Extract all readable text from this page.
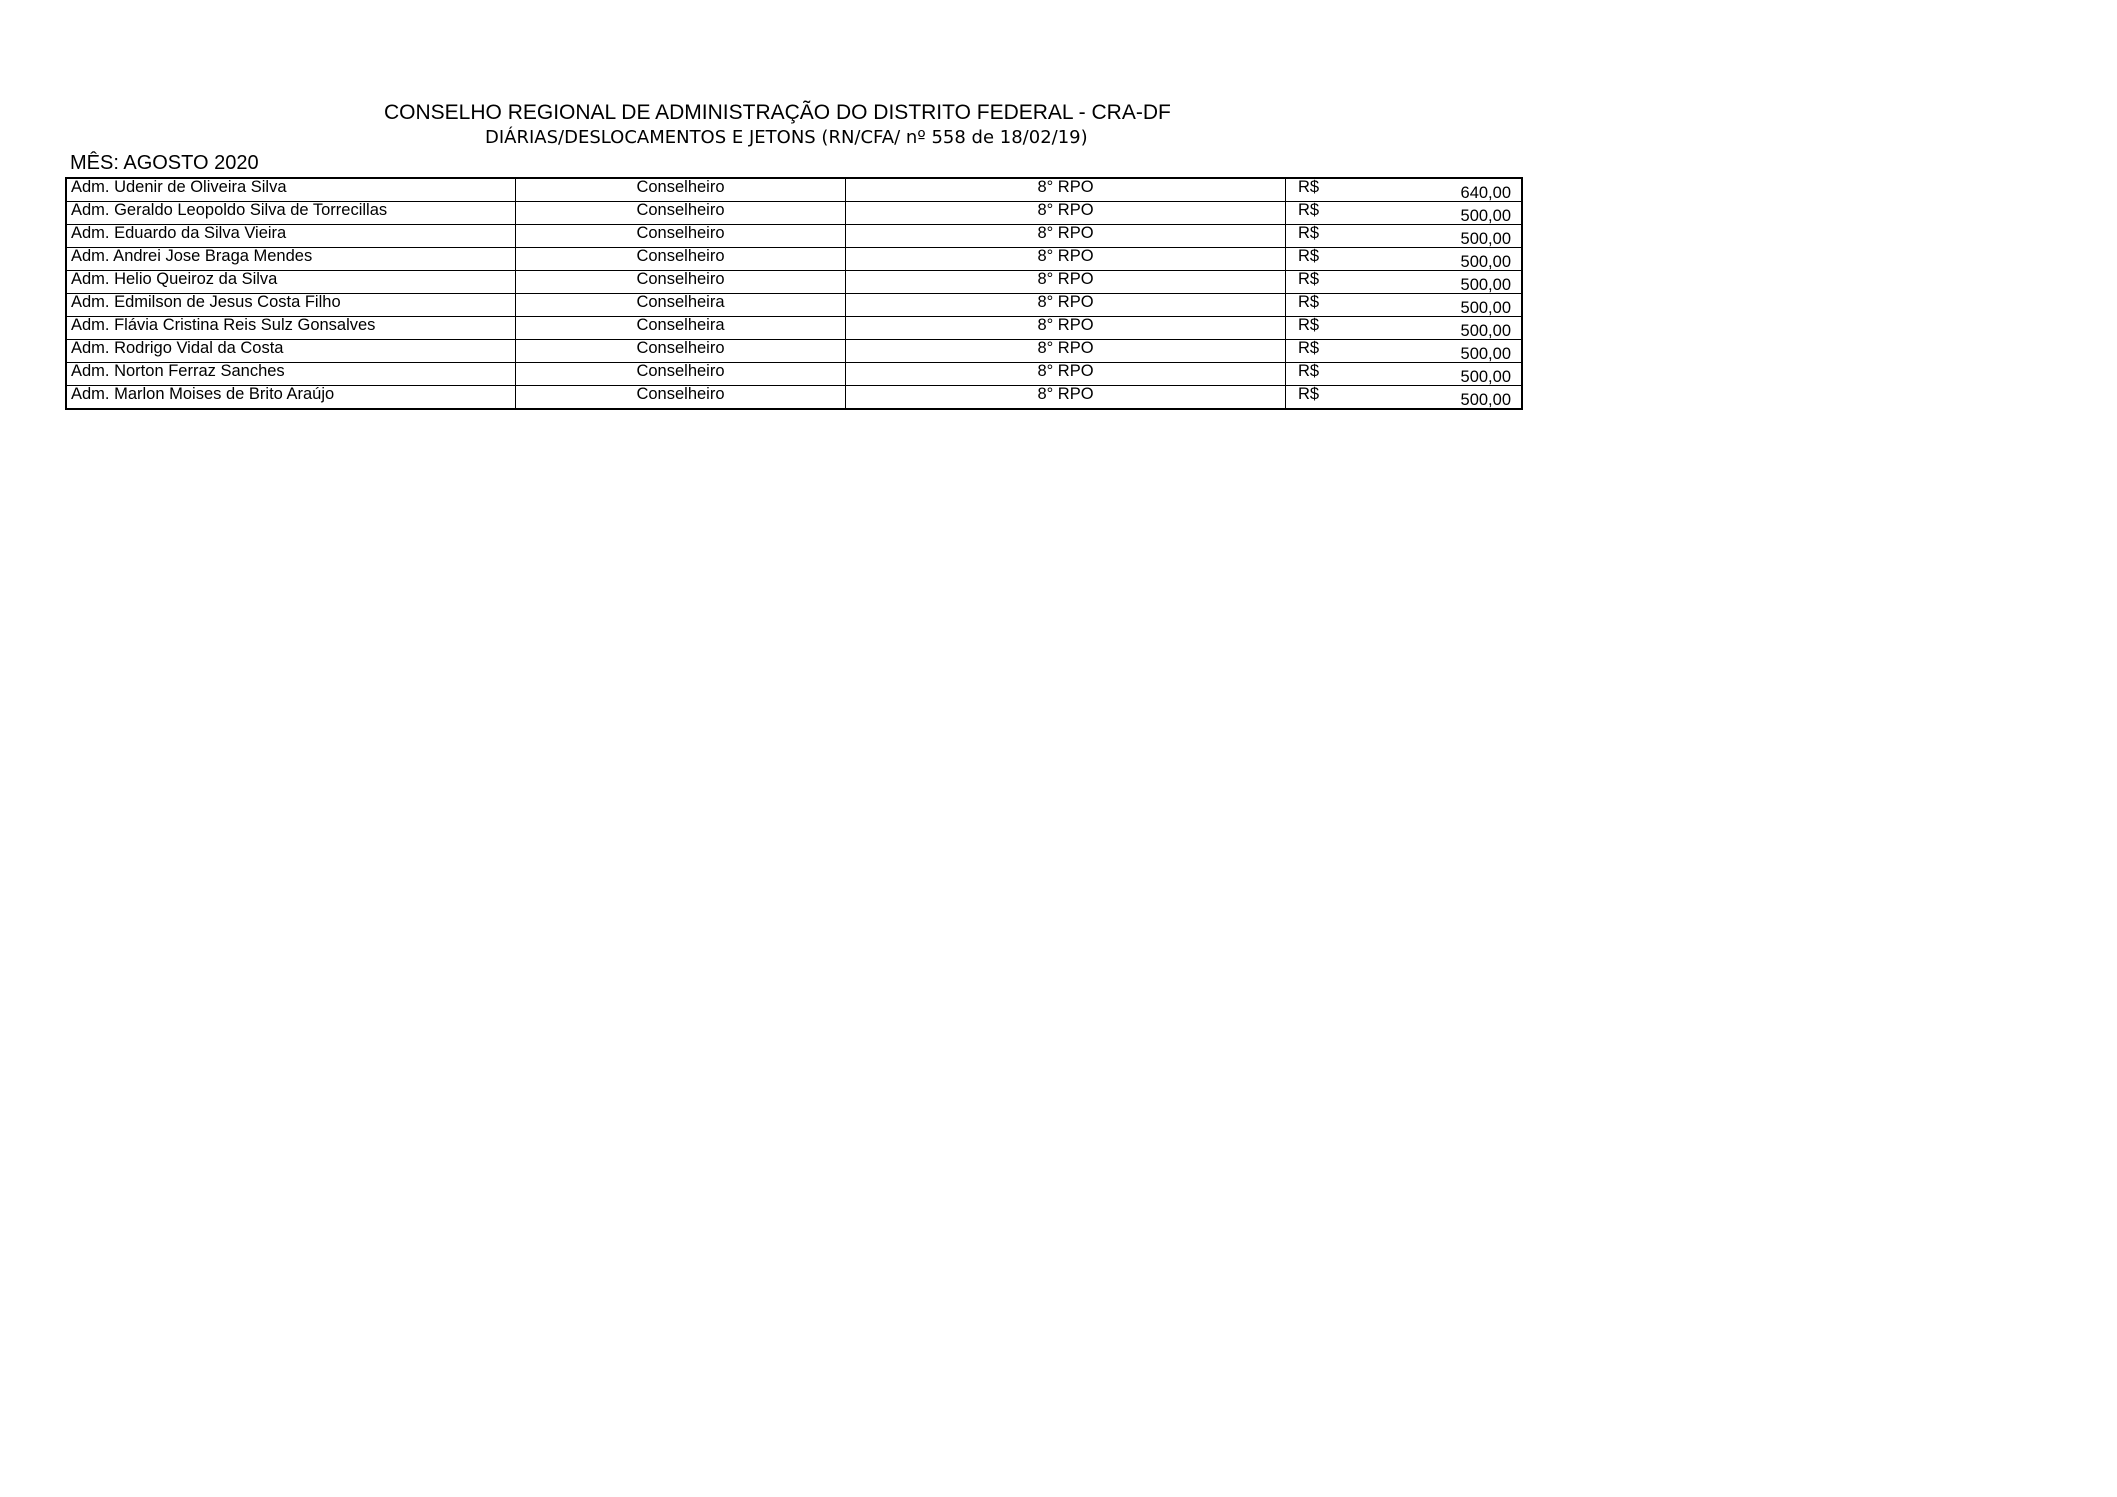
CONSELHO REGIONAL DE ADMINISTRAÇÃO DO DISTRITO FEDERAL - CRA-DF
DIÁRIAS/DESLOCAMENTOS E JETONS (RN/CFA/ nº 558 de 18/02/19)
MÊS: AGOSTO 2020
Adm. Udenir de Oliveira Silva	Conselheiro	8° RPO	R$ 640,00

Adm. Geraldo Leopoldo Silva de Torrecillas	Conselheiro	8° RPO	R$ 500,00

Adm. Eduardo da Silva Vieira	Conselheiro	8° RPO	R$ 500,00

Adm. Andrei Jose Braga Mendes	Conselheiro	8° RPO	R$ 500,00

Adm. Helio Queiroz da Silva	Conselheiro	8° RPO	R$ 500,00

Adm. Edmilson de Jesus Costa Filho	Conselheira	8° RPO	R$ 500,00

Adm. Flávia Cristina Reis Sulz Gonsalves	Conselheira	8° RPO	R$ 500,00

Adm. Rodrigo Vidal da Costa	Conselheiro	8° RPO	R$ 500,00

Adm. Norton Ferraz Sanches	Conselheiro	8° RPO	R$ 500,00

Adm. Marlon Moises de Brito Araújo	Conselheiro	8° RPO	R$ 500,00
